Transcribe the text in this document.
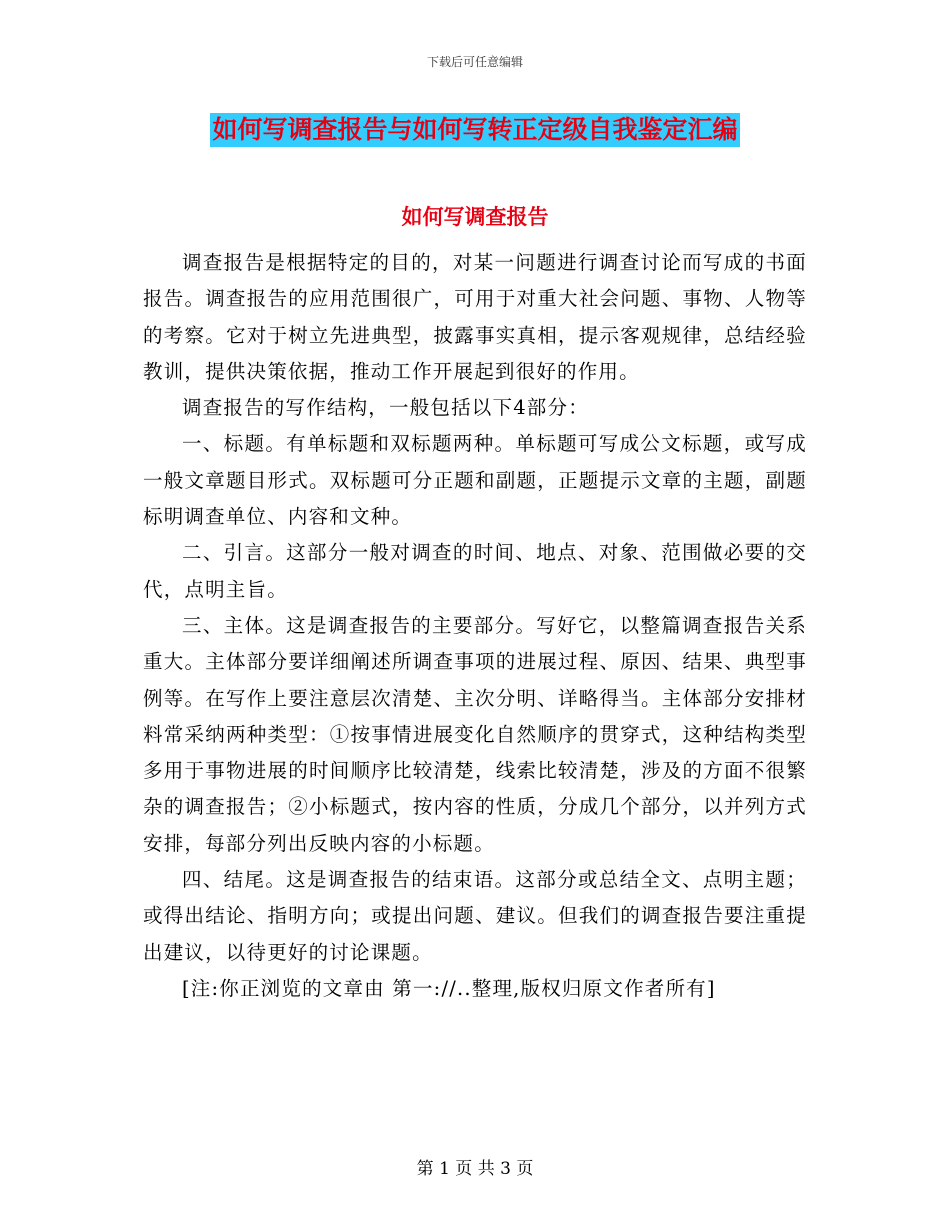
下载后可任意编辑
如何写调查报告与如何写转正定级自我鉴定汇编
如何写调查报告

调查报告是根据特定的目的，对某一问题进行调查讨论而写成的书面报告。调查报告的应用范围很广，可用于对重大社会问题、事物、人物等的考察。它对于树立先进典型，披露事实真相，提示客观规律，总结经验教训，提供决策依据，推动工作开展起到很好的作用。

调查报告的写作结构，一般包括以下4部分：

一、标题。有单标题和双标题两种。单标题可写成公文标题，或写成一般文章题目形式。双标题可分正题和副题，正题提示文章的主题，副题标明调查单位、内容和文种。

二、引言。这部分一般对调查的时间、地点、对象、范围做必要的交代，点明主旨。

三、主体。这是调查报告的主要部分。写好它，以整篇调查报告关系重大。主体部分要详细阐述所调查事项的进展过程、原因、结果、典型事例等。在写作上要注意层次清楚、主次分明、详略得当。主体部分安排材料常采纳两种类型：①按事情进展变化自然顺序的贯穿式，这种结构类型多用于事物进展的时间顺序比较清楚，线索比较清楚，涉及的方面不很繁杂的调查报告；②小标题式，按内容的性质，分成几个部分，以并列方式安排，每部分列出反映内容的小标题。

四、结尾。这是调查报告的结束语。这部分或总结全文、点明主题；或得出结论、指明方向；或提出问题、建议。但我们的调查报告要注重提出建议，以待更好的讨论课题。

[注:你正浏览的文章由 第一://..整理,版权归原文作者所有]

第 1 页 共 3 页
